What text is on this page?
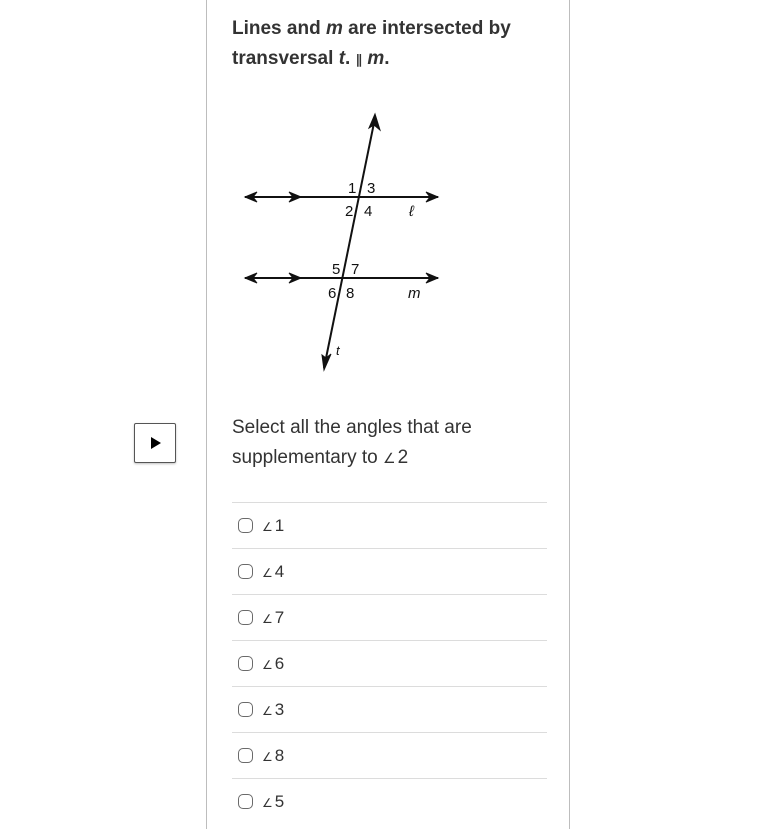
Lines and m are intersected by
transversal t. ∥ m.
1 3
2 4
5 7
6 8
ℓ
m
t
Select all the angles that are
supplementary to ∠ 2
∠ 1
∠ 4
∠ 7
∠ 6
∠ 3
∠ 8
∠ 5
